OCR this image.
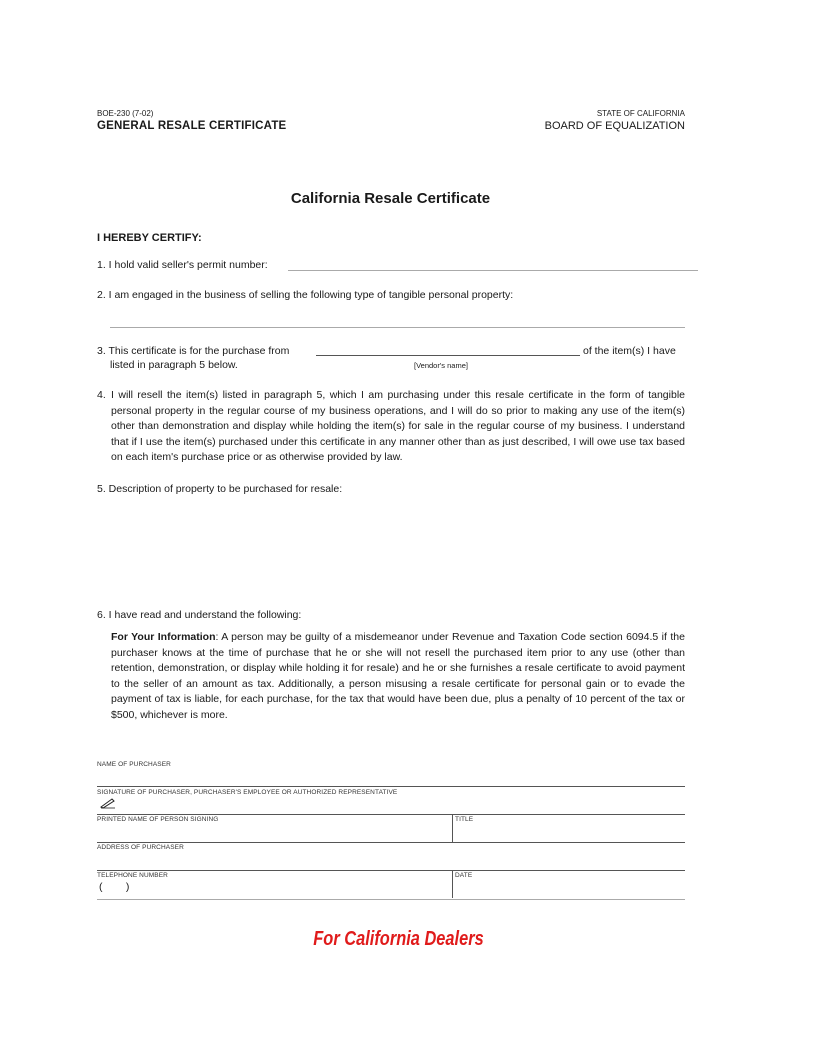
BOE-230 (7-02)
GENERAL RESALE CERTIFICATE
STATE OF CALIFORNIA
BOARD OF EQUALIZATION
California Resale Certificate
I HEREBY CERTIFY:
1. I hold valid seller's permit number:
2. I am engaged in the business of selling the following type of tangible personal property:
3. This certificate is for the purchase from	of the item(s) I have
listed in paragraph 5 below.	[Vendor's name]
4. I will resell the item(s) listed in paragraph 5, which I am purchasing under this resale certificate in the form of tangible personal property in the regular course of my business operations, and I will do so prior to making any use of the item(s) other than demonstration and display while holding the item(s) for sale in the regular course of my business. I understand that if I use the item(s) purchased under this certificate in any manner other than as just described, I will owe use tax based on each item's purchase price or as otherwise provided by law.
5. Description of property to be purchased for resale:
6. I have read and understand the following:
For Your Information: A person may be guilty of a misdemeanor under Revenue and Taxation Code section 6094.5 if the purchaser knows at the time of purchase that he or she will not resell the purchased item prior to any use (other than retention, demonstration, or display while holding it for resale) and he or she furnishes a resale certificate to avoid payment to the seller of an amount as tax. Additionally, a person misusing a resale certificate for personal gain or to evade the payment of tax is liable, for each purchase, for the tax that would have been due, plus a penalty of 10 percent of the tax or $500, whichever is more.
NAME OF PURCHASER
SIGNATURE OF PURCHASER, PURCHASER'S EMPLOYEE OR AUTHORIZED REPRESENTATIVE
PRINTED NAME OF PERSON SIGNING	TITLE
ADDRESS OF PURCHASER
TELEPHONE NUMBER
(        )
DATE
For California Dealers
